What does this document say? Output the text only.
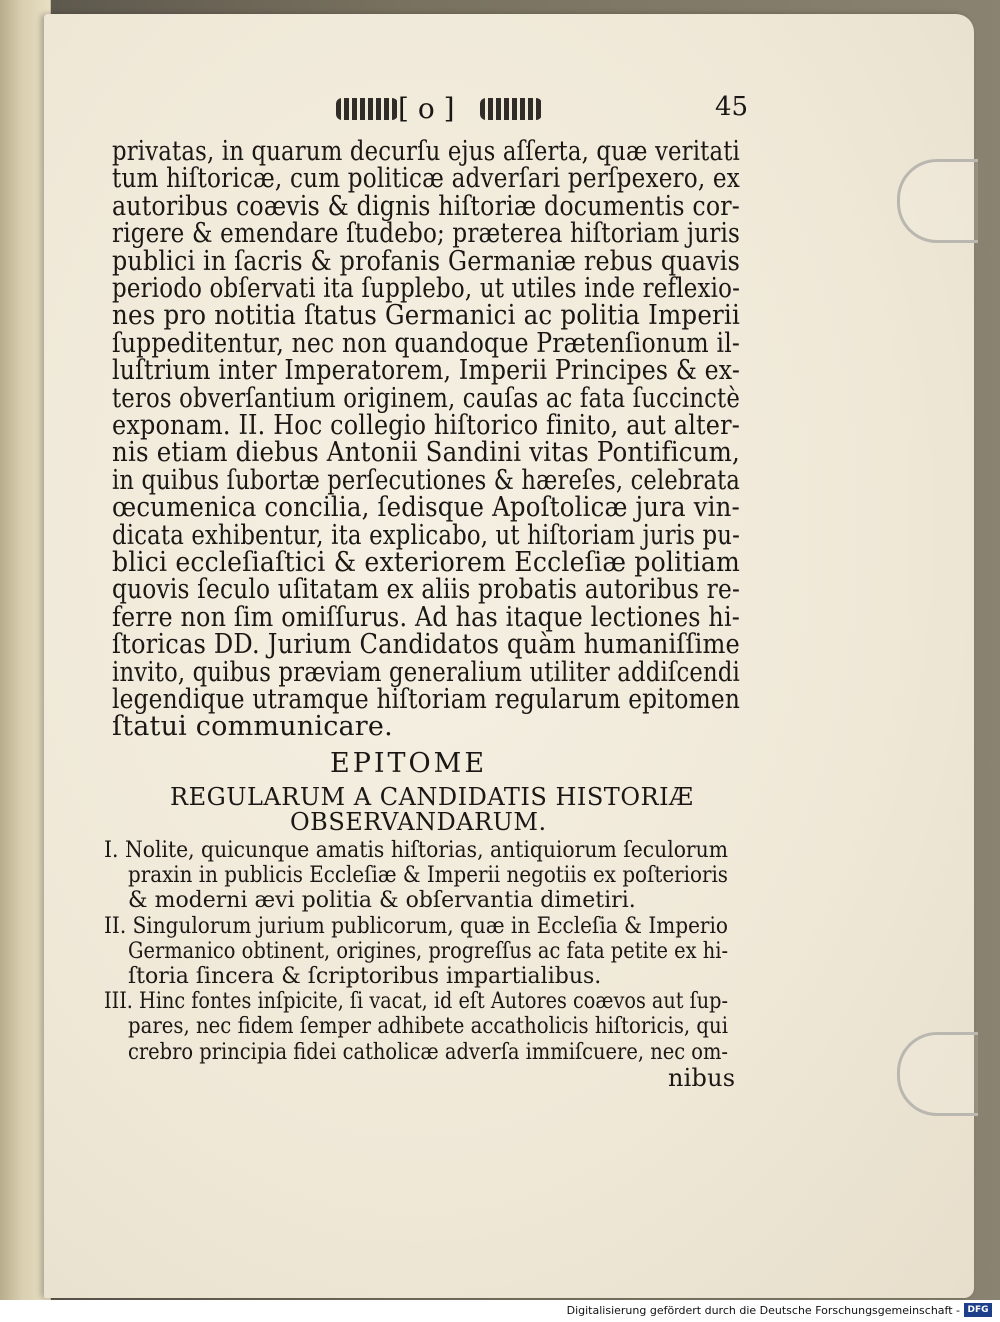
[ o ]	45
privatas, in quarum decurſu ejus aſſerta, quæ veritati
tum hiſtoricæ, cum politicæ adverſari perſpexero, ex
autoribus coævis & dignis hiſtoriæ documentis cor-
rigere & emendare ſtudebo; præterea hiſtoriam juris
publici in ſacris & profanis Germaniæ rebus quavis
periodo obſervati ita ſupplebo, ut utiles inde reflexio-
nes pro notitia ſtatus Germanici ac politia Imperii
ſuppeditentur, nec non quandoque Prætenſionum il-
luſtrium inter Imperatorem, Imperii Principes & ex-
teros obverſantium originem, cauſas ac fata ſuccinctè
exponam. II. Hoc collegio hiſtorico finito, aut alter-
nis etiam diebus Antonii Sandini vitas Pontificum,
in quibus ſubortæ perſecutiones & hæreſes, celebrata
œcumenica concilia, ſedisque Apoſtolicæ jura vin-
dicata exhibentur, ita explicabo, ut hiſtoriam juris pu-
blici eccleſiaſtici & exteriorem Eccleſiæ politiam
quovis ſeculo uſitatam ex aliis probatis autoribus re-
ferre non ſim omiſſurus. Ad has itaque lectiones hi-
ſtoricas DD. Jurium Candidatos quàm humaniſſime
invito, quibus præviam generalium utiliter addiſcendi
legendique utramque hiſtoriam regularum epitomen
ſtatui communicare.
EPITOME
REGULARUM A CANDIDATIS HISTORIÆ
OBSERVANDARUM.
I. Nolite, quicunque amatis hiſtorias, antiquiorum ſeculorum
praxin in publicis Eccleſiæ & Imperii negotiis ex poſterioris
& moderni ævi politia & obſervantia dimetiri.
II. Singulorum jurium publicorum, quæ in Eccleſia & Imperio
Germanico obtinent, origines, progreſſus ac fata petite ex hi-
ſtoria ſincera & ſcriptoribus impartialibus.
III. Hinc fontes inſpicite, ſi vacat, id eſt Autores coævos aut ſup-
pares, nec fidem ſemper adhibete accatholicis hiſtoricis, qui
crebro principia fidei catholicæ adverſa immiſcuere, nec om-
nibus
Digitalisierung gefördert durch die Deutsche Forschungsgemeinschaft - DFG
